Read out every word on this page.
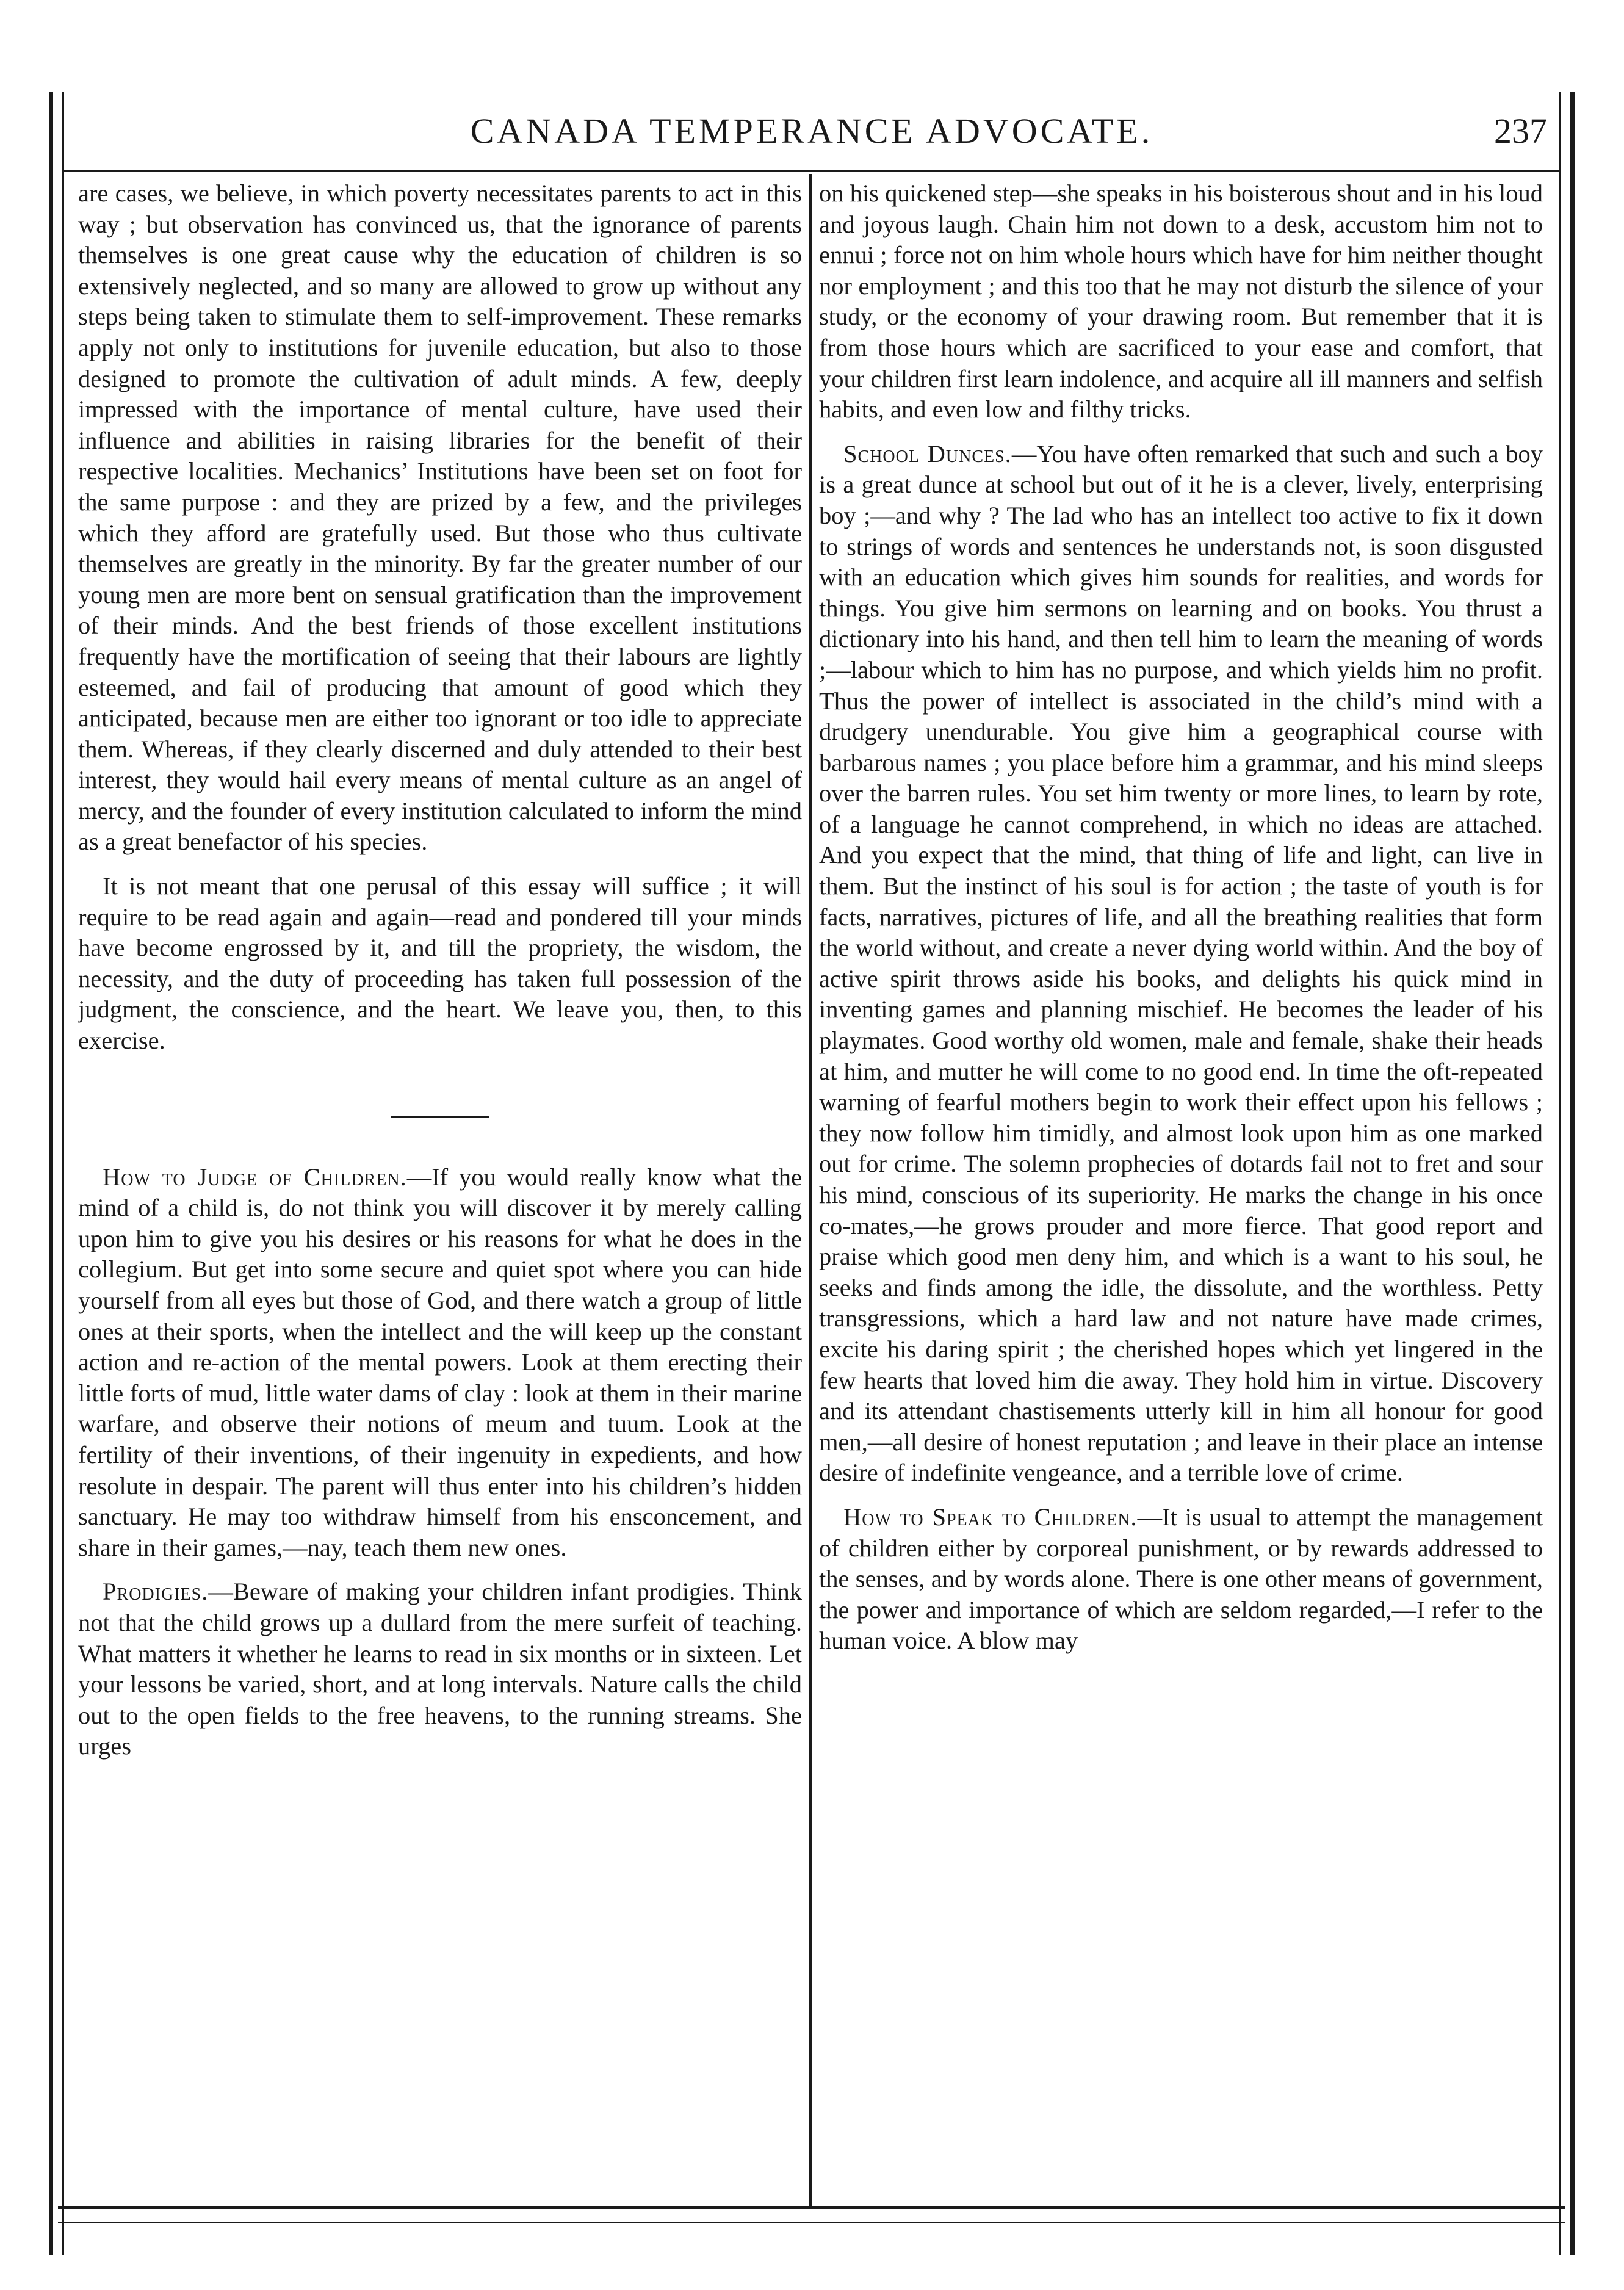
CANADA TEMPERANCE ADVOCATE.	237

are cases, we believe, in which poverty necessitates parents to act in this way ; but observation has convinced us, that the ignorance of parents themselves is one great cause why the education of children is so extensively neglected, and so many are allowed to grow up without any steps being taken to stimulate them to self-improvement. These remarks apply not only to institutions for juvenile education, but also to those designed to promote the cultivation of adult minds. A few, deeply impressed with the importance of mental culture, have used their influence and abilities in raising libraries for the benefit of their respective localities. Mechanics’ Institutions have been set on foot for the same purpose : and they are prized by a few, and the privileges which they afford are gratefully used. But those who thus cultivate themselves are greatly in the minority. By far the greater number of our young men are more bent on sensual gratification than the improvement of their minds. And the best friends of those excellent institutions frequently have the mortification of seeing that their labours are lightly esteemed, and fail of producing that amount of good which they anticipated, because men are either too ignorant or too idle to appreciate them. Whereas, if they clearly discerned and duly attended to their best interest, they would hail every means of mental culture as an angel of mercy, and the founder of every institution calculated to inform the mind as a great benefactor of his species.

It is not meant that one perusal of this essay will suffice ; it will require to be read again and again—read and pondered till your minds have become engrossed by it, and till the propriety, the wisdom, the necessity, and the duty of proceeding has taken full possession of the judgment, the conscience, and the heart. We leave you, then, to this exercise.

How to Judge of Children.—If you would really know what the mind of a child is, do not think you will discover it by merely calling upon him to give you his desires or his reasons for what he does in the collegium. But get into some secure and quiet spot where you can hide yourself from all eyes but those of God, and there watch a group of little ones at their sports, when the intellect and the will keep up the constant action and re-action of the mental powers. Look at them erecting their little forts of mud, little water dams of clay : look at them in their marine warfare, and observe their notions of meum and tuum. Look at the fertility of their inventions, of their ingenuity in expedients, and how resolute in despair. The parent will thus enter into his children’s hidden sanctuary. He may too withdraw himself from his ensconcement, and share in their games,—nay, teach them new ones.

Prodigies.—Beware of making your children infant prodigies. Think not that the child grows up a dullard from the mere surfeit of teaching. What matters it whether he learns to read in six months or in sixteen. Let your lessons be varied, short, and at long intervals. Nature calls the child out to the open fields to the free heavens, to the running streams. She urges

on his quickened step—she speaks in his boisterous shout and in his loud and joyous laugh. Chain him not down to a desk, accustom him not to ennui ; force not on him whole hours which have for him neither thought nor employment ; and this too that he may not disturb the silence of your study, or the economy of your drawing room. But remember that it is from those hours which are sacrificed to your ease and comfort, that your children first learn indolence, and acquire all ill manners and selfish habits, and even low and filthy tricks.

School Dunces.—You have often remarked that such and such a boy is a great dunce at school but out of it he is a clever, lively, enterprising boy ;—and why ? The lad who has an intellect too active to fix it down to strings of words and sentences he understands not, is soon disgusted with an education which gives him sounds for realities, and words for things. You give him sermons on learning and on books. You thrust a dictionary into his hand, and then tell him to learn the meaning of words ;—labour which to him has no purpose, and which yields him no profit. Thus the power of intellect is associated in the child’s mind with a drudgery unendurable. You give him a geographical course with barbarous names ; you place before him a grammar, and his mind sleeps over the barren rules. You set him twenty or more lines, to learn by rote, of a language he cannot comprehend, in which no ideas are attached. And you expect that the mind, that thing of life and light, can live in them. But the instinct of his soul is for action ; the taste of youth is for facts, narratives, pictures of life, and all the breathing realities that form the world without, and create a never dying world within. And the boy of active spirit throws aside his books, and delights his quick mind in inventing games and planning mischief. He becomes the leader of his playmates. Good worthy old women, male and female, shake their heads at him, and mutter he will come to no good end. In time the oft-repeated warning of fearful mothers begin to work their effect upon his fellows ; they now follow him timidly, and almost look upon him as one marked out for crime. The solemn prophecies of dotards fail not to fret and sour his mind, conscious of its superiority. He marks the change in his once co-mates,—he grows prouder and more fierce. That good report and praise which good men deny him, and which is a want to his soul, he seeks and finds among the idle, the dissolute, and the worthless. Petty transgressions, which a hard law and not nature have made crimes, excite his daring spirit ; the cherished hopes which yet lingered in the few hearts that loved him die away. They hold him in virtue. Discovery and its attendant chastisements utterly kill in him all honour for good men,—all desire of honest reputation ; and leave in their place an intense desire of indefinite vengeance, and a terrible love of crime.

How to Speak to Children.—It is usual to attempt the management of children either by corporeal punishment, or by rewards addressed to the senses, and by words alone. There is one other means of government, the power and importance of which are seldom regarded,—I refer to the human voice. A blow may
